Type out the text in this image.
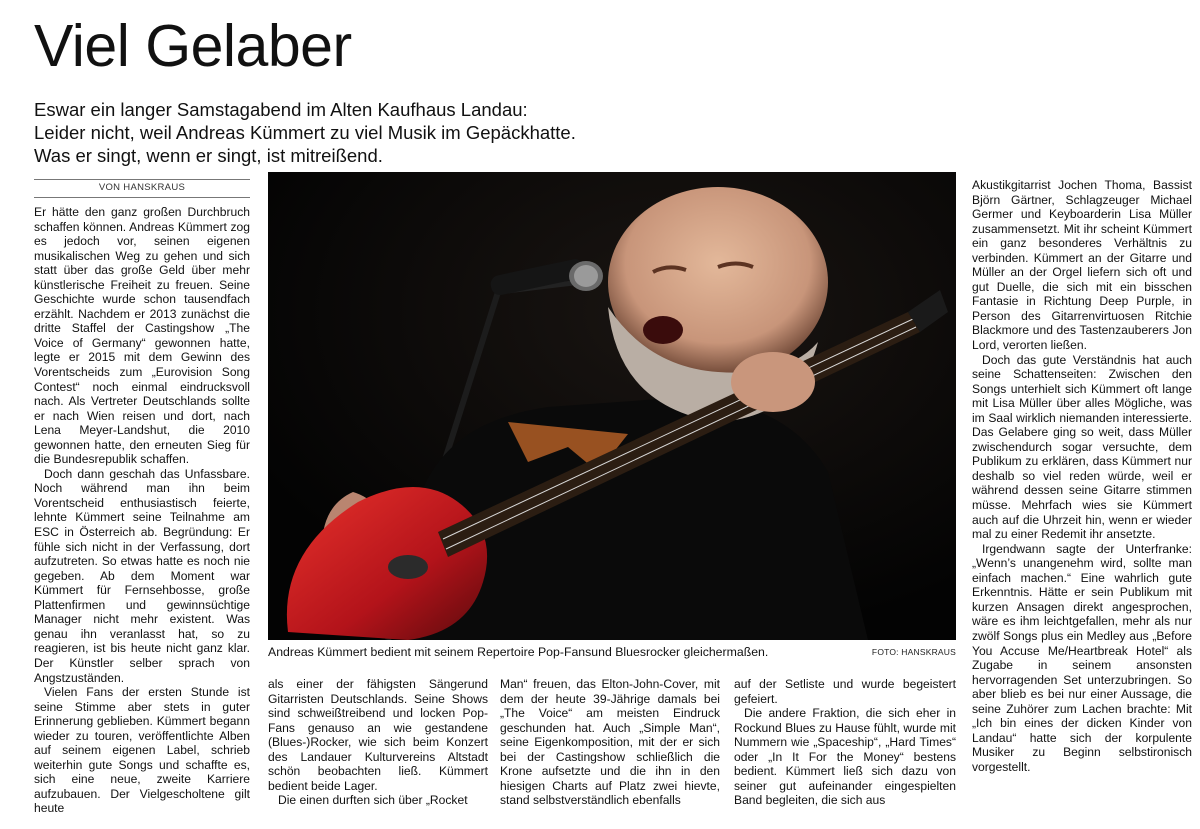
Viel Gelaber
Eswar ein langer Samstagabend im Alten Kaufhaus Landau:
Leider nicht, weil Andreas Kümmert zu viel Musik im Gepäckhatte.
Was er singt, wenn er singt, ist mitreißend.
VON HANSKRAUS

Er hätte den ganz großen Durchbruch schaffen können. Andreas Kümmert zog es jedoch vor, seinen eigenen musikalischen Weg zu gehen und sich statt über das große Geld über mehr künstlerische Freiheit zu freuen. Seine Geschichte wurde schon tausendfach erzählt. Nachdem er 2013 zunächst die dritte Staffel der Castingshow „The Voice of Germany“ gewonnen hatte, legte er 2015 mit dem Gewinn des Vorentscheids zum „Eurovision Song Contest“ noch einmal eindrucksvoll nach. Als Vertreter Deutschlands sollte er nach Wien reisen und dort, nach Lena Meyer-Landshut, die 2010 gewonnen hatte, den erneuten Sieg für die Bundesrepublik schaffen.

Doch dann geschah das Unfassbare. Noch während man ihn beim Vorentscheid enthusiastisch feierte, lehnte Kümmert seine Teilnahme am ESC in Österreich ab. Begründung: Er fühle sich nicht in der Verfassung, dort aufzutreten. So etwas hatte es noch nie gegeben. Ab dem Moment war Kümmert für Fernsehbosse, große Plattenfirmen und gewinnsüchtige Manager nicht mehr existent. Was genau ihn veranlasst hat, so zu reagieren, ist bis heute nicht ganz klar. Der Künstler selber sprach von Angstzuständen.

Vielen Fans der ersten Stunde ist seine Stimme aber stets in guter Erinnerung geblieben. Kümmert begann wieder zu touren, veröffentlichte Alben auf seinem eigenen Label, schrieb weiterhin gute Songs und schaffte es, sich eine neue, zweite Karriere aufzubauen. Der Vielgescholtene gilt heute

Andreas Kümmert bedient mit seinem Repertoire Pop-Fansund Bluesrocker gleichermaßen.	FOTO: HANSKRAUS

als einer der fähigsten Sängerund Gitarristen Deutschlands. Seine Shows sind schweißtreibend und locken Pop-Fans genauso an wie gestandene (Blues-)Rocker, wie sich beim Konzert des Landauer Kulturvereins Altstadt schön beobachten ließ. Kümmert bedient beide Lager.

Die einen durften sich über „Rocket

Man“ freuen, das Elton-John-Cover, mit dem der heute 39-Jährige damals bei „The Voice“ am meisten Eindruck geschunden hat. Auch „Simple Man“, seine Eigenkomposition, mit der er sich bei der Castingshow schließlich die Krone aufsetzte und die ihn in den hiesigen Charts auf Platz zwei hievte, stand selbstverständlich ebenfalls

auf der Setliste und wurde begeistert gefeiert.

Die andere Fraktion, die sich eher in Rockund Blues zu Hause fühlt, wurde mit Nummern wie „Spaceship“, „Hard Times“ oder „In It For the Money“ bestens bedient. Kümmert ließ sich dazu von seiner gut aufeinander eingespielten Band begleiten, die sich aus

Akustikgitarrist Jochen Thoma, Bassist Björn Gärtner, Schlagzeuger Michael Germer und Keyboarderin Lisa Müller zusammensetzt. Mit ihr scheint Kümmert ein ganz besonderes Verhältnis zu verbinden. Kümmert an der Gitarre und Müller an der Orgel liefern sich oft und gut Duelle, die sich mit ein bisschen Fantasie in Richtung Deep Purple, in Person des Gitarrenvirtuosen Ritchie Blackmore und des Tastenzauberers Jon Lord, verorten ließen.

Doch das gute Verständnis hat auch seine Schattenseiten: Zwischen den Songs unterhielt sich Kümmert oft lange mit Lisa Müller über alles Mögliche, was im Saal wirklich niemanden interessierte. Das Gelabere ging so weit, dass Müller zwischendurch sogar versuchte, dem Publikum zu erklären, dass Kümmert nur deshalb so viel reden würde, weil er während dessen seine Gitarre stimmen müsse. Mehrfach wies sie Kümmert auch auf die Uhrzeit hin, wenn er wieder mal zu einer Redemit ihr ansetzte.

Irgendwann sagte der Unterfranke: „Wenn’s unangenehm wird, sollte man einfach machen.“ Eine wahrlich gute Erkenntnis. Hätte er sein Publikum mit kurzen Ansagen direkt angesprochen, wäre es ihm leichtgefallen, mehr als nur zwölf Songs plus ein Medley aus „Before You Accuse Me/Heartbreak Hotel“ als Zugabe in seinem ansonsten hervorragenden Set unterzubringen. So aber blieb es bei nur einer Aussage, die seine Zuhörer zum Lachen brachte: Mit „Ich bin eines der dicken Kinder von Landau“ hatte sich der korpulente Musiker zu Beginn selbstironisch vorgestellt.
